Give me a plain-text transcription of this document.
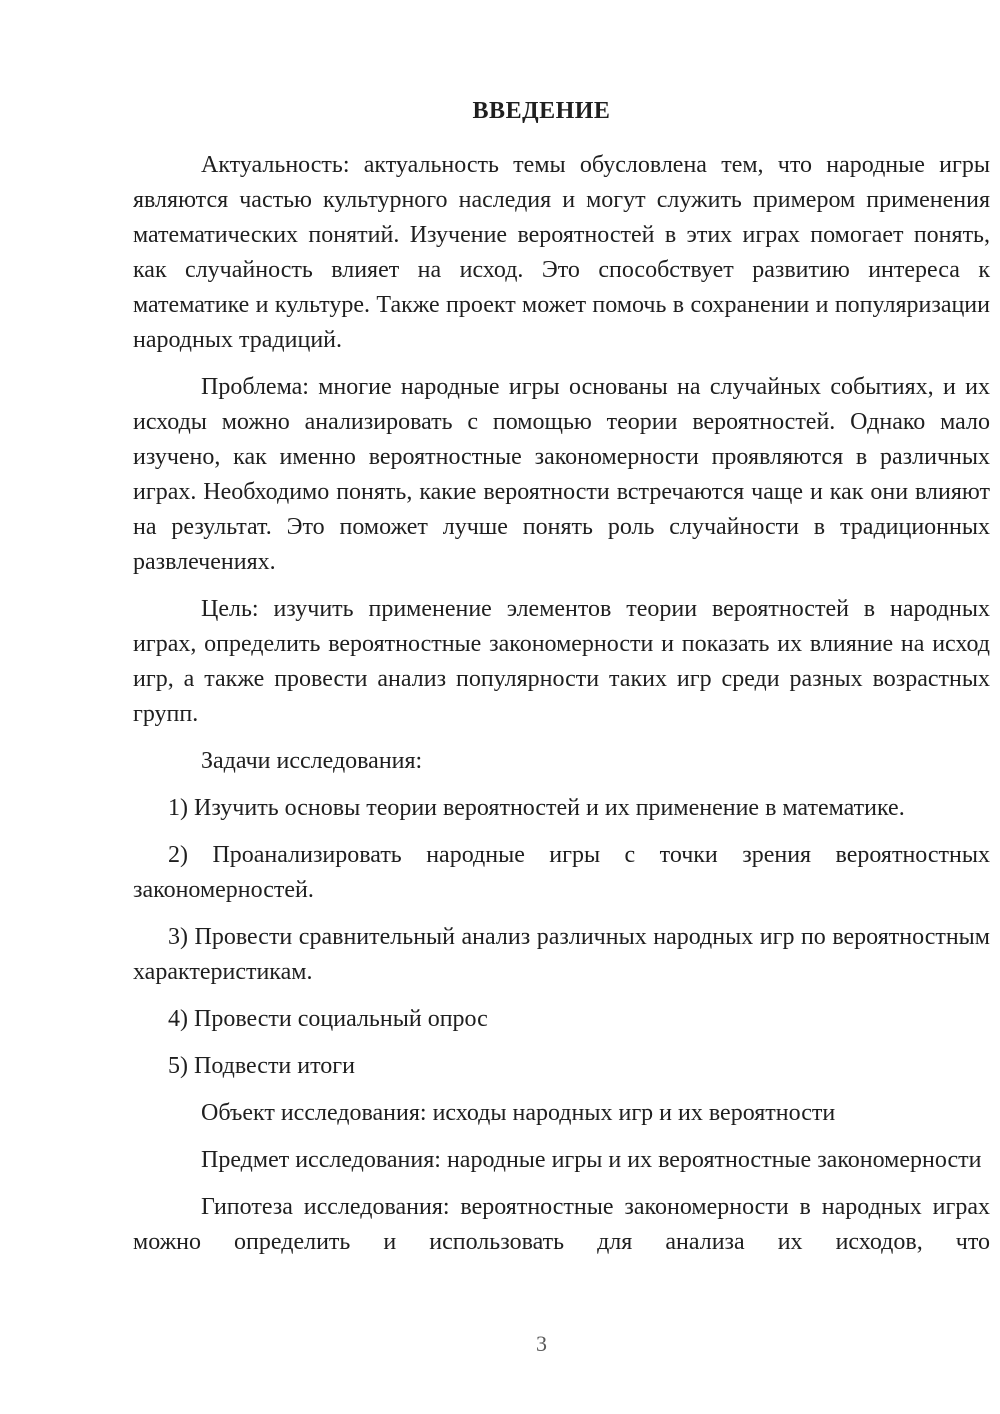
ВВЕДЕНИЕ

Актуальность: актуальность темы обусловлена тем, что народные игры являются частью культурного наследия и могут служить примером применения математических понятий. Изучение вероятностей в этих играх помогает понять, как случайность влияет на исход. Это способствует развитию интереса к математике и культуре. Также проект может помочь в сохранении и популяризации народных традиций.

Проблема: многие народные игры основаны на случайных событиях, и их исходы можно анализировать с помощью теории вероятностей. Однако мало изучено, как именно вероятностные закономерности проявляются в различных играх. Необходимо понять, какие вероятности встречаются чаще и как они влияют на результат. Это поможет лучше понять роль случайности в традиционных развлечениях.

Цель: изучить применение элементов теории вероятностей в народных играх, определить вероятностные закономерности и показать их влияние на исход игр, а также провести анализ популярности таких игр среди разных возрастных групп.

Задачи исследования:

1) Изучить основы теории вероятностей и их применение в математике.

2) Проанализировать народные игры с точки зрения вероятностных закономерностей.

3) Провести сравнительный анализ различных народных игр по вероятностным характеристикам.

4) Провести социальный опрос

5) Подвести итоги

Объект исследования: исходы народных игр и их вероятности

Предмет исследования: народные игры и их вероятностные закономерности

Гипотеза исследования: вероятностные закономерности в народных играх можно определить и использовать для анализа их исходов, что

3
